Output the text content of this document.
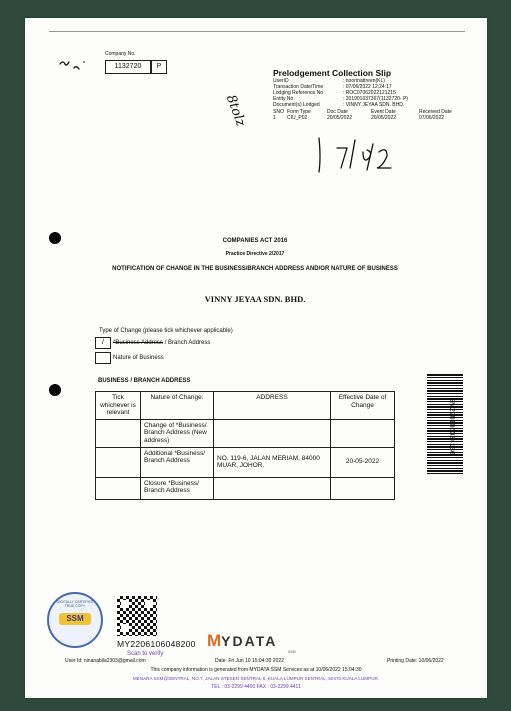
Company No.
1132720	P
Prelodgement Collection Slip
UserID	: noormattreen(KL)
Transaction Date/Time	: 07/06/2022 12:24:17
Lodging Reference No	: ROC07062022121215
Entity No	: 201901037367(1132720- P)
Document(s) Lodged	: VINNY JEYAA SDN. BHD.
SNO Form Type	Doc Date	Event Date	Received Date
1	CIU_P02	20/05/2022	20/05/2022	07/06/2022
8tolz
COMPANIES ACT 2016
Practice Directive 2/2017
NOTIFICATION OF CHANGE IN THE BUSINESS/BRANCH ADDRESS AND/OR NATURE OF BUSINESS
VINNY JEYAA SDN. BHD.
Type of Change (please tick whichever applicable)
/	*Business Address / Branch Address
Nature of Business
BUSINESS / BRANCH ADDRESS
Tick whichever is relevant	Nature of Change:	ADDRESS	Effective Date of Change
	Change of *Business/ Branch Address (New address)		
	Additional *Business/ Branch Address	NO. 119-6, JALAN MERIAM, 84000 MUAR, JOHOR.	20-05-2022
	Closure *Business/ Branch Address		
SM220106034186
DIGITALLY CERTIFIED TRUE COPY
SSM
MY2206106048200
Scan to verify
M YDATA
SSM
User Id: ninanabila2303@gmail.com	Date: Fri Jun 10 15:04:30 2022	Printing Date: 10/06/2022
This company information is generated from MYDATA SSM Services as at 10/06/2022 15:04:30
MENARA SSM@SENTRAL, NO.7, JALAN STESEN SENTRAL 5, KUALA LUMPUR SENTRAL, 50470 KUALA LUMPUR.
TEL : 03-2299 4400 FAX : 03-2299 4411
